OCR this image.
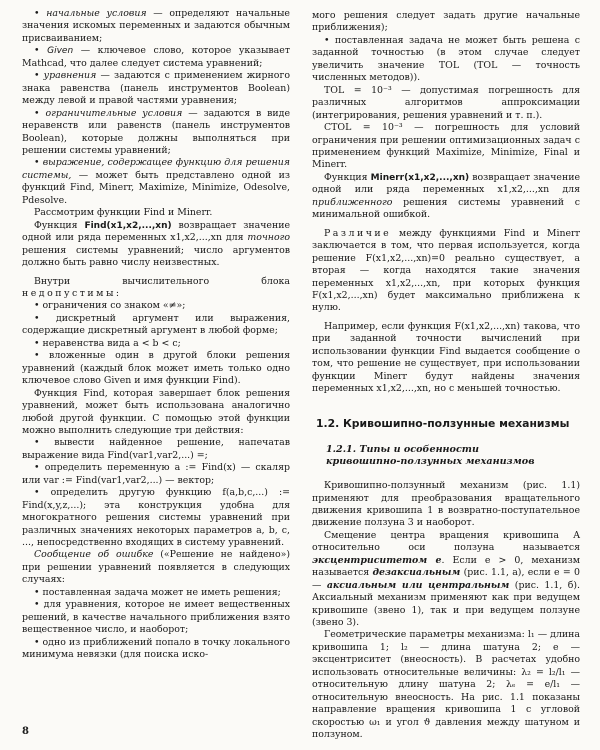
• начальные условия — определяют начальные значения искомых переменных и задаются обычным присваиванием;

• Given — ключевое слово, которое указывает Mathcad, что далее следует система уравнений;

• уравнения — задаются с применением жирного знака равенства (панель инструментов Boolean) между левой и правой частями уравнения;

• ограничительные условия — задаются в виде неравенств или равенств (панель инструментов Boolean), которые должны выполняться при решении системы уравнений;

• выражение, содержащее функцию для решения системы, — может быть представлено одной из функций Find, Minerr, Maximize, Minimize, Odesolve, Pdesolve.

Рассмотрим функции Find и Minerr.

Функция Find(x1,x2,...,xn) возвращает значение одной или ряда переменных x1,x2,...,xn для точного решения системы уравнений; число аргументов должно быть равно числу неизвестных.

Внутри вычислительного блока недопустимы:

• ограничения со знаком «≠»;

• дискретный аргумент или выражения, содержащие дискретный аргумент в любой форме;

• неравенства вида a < b < c;

• вложенные один в другой блоки решения уравнений (каждый блок может иметь только одно ключевое слово Given и имя функции Find).

Функция Find, которая завершает блок решения уравнений, может быть использована аналогично любой другой функции. С помощью этой функции можно выполнить следующие три действия:

• вывести найденное решение, напечатав выражение вида Find(var1,var2,...) =;

• определить переменную a := Find(x) — скаляр или var := Find(var1,var2,...) — вектор;

• определить другую функцию f(a,b,c,...) := Find(x,y,z,...); эта конструкция удобна для многократного решения системы уравнений при различных значениях некоторых параметров a, b, c, ..., непосредственно входящих в систему уравнений.

Сообщение об ошибке («Решение не найдено») при решении уравнений появляется в следующих случаях:

• поставленная задача может не иметь решения;

• для уравнения, которое не имеет вещественных решений, в качестве начального приближения взято вещественное число, и наоборот;

• одно из приближений попало в точку локального минимума невязки (для поиска иско-

мого решения следует задать другие начальные приближения);

• поставленная задача не может быть решена с заданной точностью (в этом случае следует увеличить значение TOL (TOL — точность численных методов)).

TOL = 10⁻³ — допустимая погрешность для различных алгоритмов аппроксимации (интегрирования, решения уравнений и т. п.).

CTOL = 10⁻³ — погрешность для условий ограничения при решении оптимизационных задач с применением функций Maximize, Minimize, Final и Minerr.

Функция Minerr(x1,x2,...,xn) возвращает значение одной или ряда переменных x1,x2,...,xn для приближенного решения системы уравнений с минимальной ошибкой.

Различие между функциями Find и Minerr заключается в том, что первая используется, когда решение F(x1,x2,...,xn)=0 реально существует, а вторая — когда находятся такие значения переменных x1,x2,...,xn, при которых функция F(x1,x2,...,xn) будет максимально приближена к нулю.

Например, если функция F(x1,x2,...,xn) такова, что при заданной точности вычислений при использовании функции Find выдается сообщение о том, что решение не существует, при использовании функции Minerr будут найдены значения переменных x1,x2,...,xn, но с меньшей точностью.

1.2. Кривошипно-ползунные механизмы
1.2.1. Типы и особенности
кривошипно-ползунных механизмов

Кривошипно-ползунный механизм (рис. 1.1) применяют для преобразования вращательного движения кривошипа 1 в возвратно-поступательное движение ползуна 3 и наоборот.

Смещение центра вращения кривошипа A относительно оси ползуна называется эксцентриситетом e. Если e > 0, механизм называется дезаксиальным (рис. 1.1, a), если e = 0 — аксиальным или центральным (рис. 1.1, б). Аксиальный механизм применяют как при ведущем кривошипе (звено 1), так и при ведущем ползуне (звено 3).

Геометрические параметры механизма: l₁ — длина кривошипа 1; l₂ — длина шатуна 2; e — эксцентриситет (внеосность). В расчетах удобно использовать относительные величины: λ₂ = l₂/l₁ — относительную длину шатуна 2; λₑ = e/l₁ — относительную внеосность. На рис. 1.1 показаны направление вращения кривошипа 1 с угловой скоростью ω₁ и угол ϑ давления между шатуном и ползуном.

8
